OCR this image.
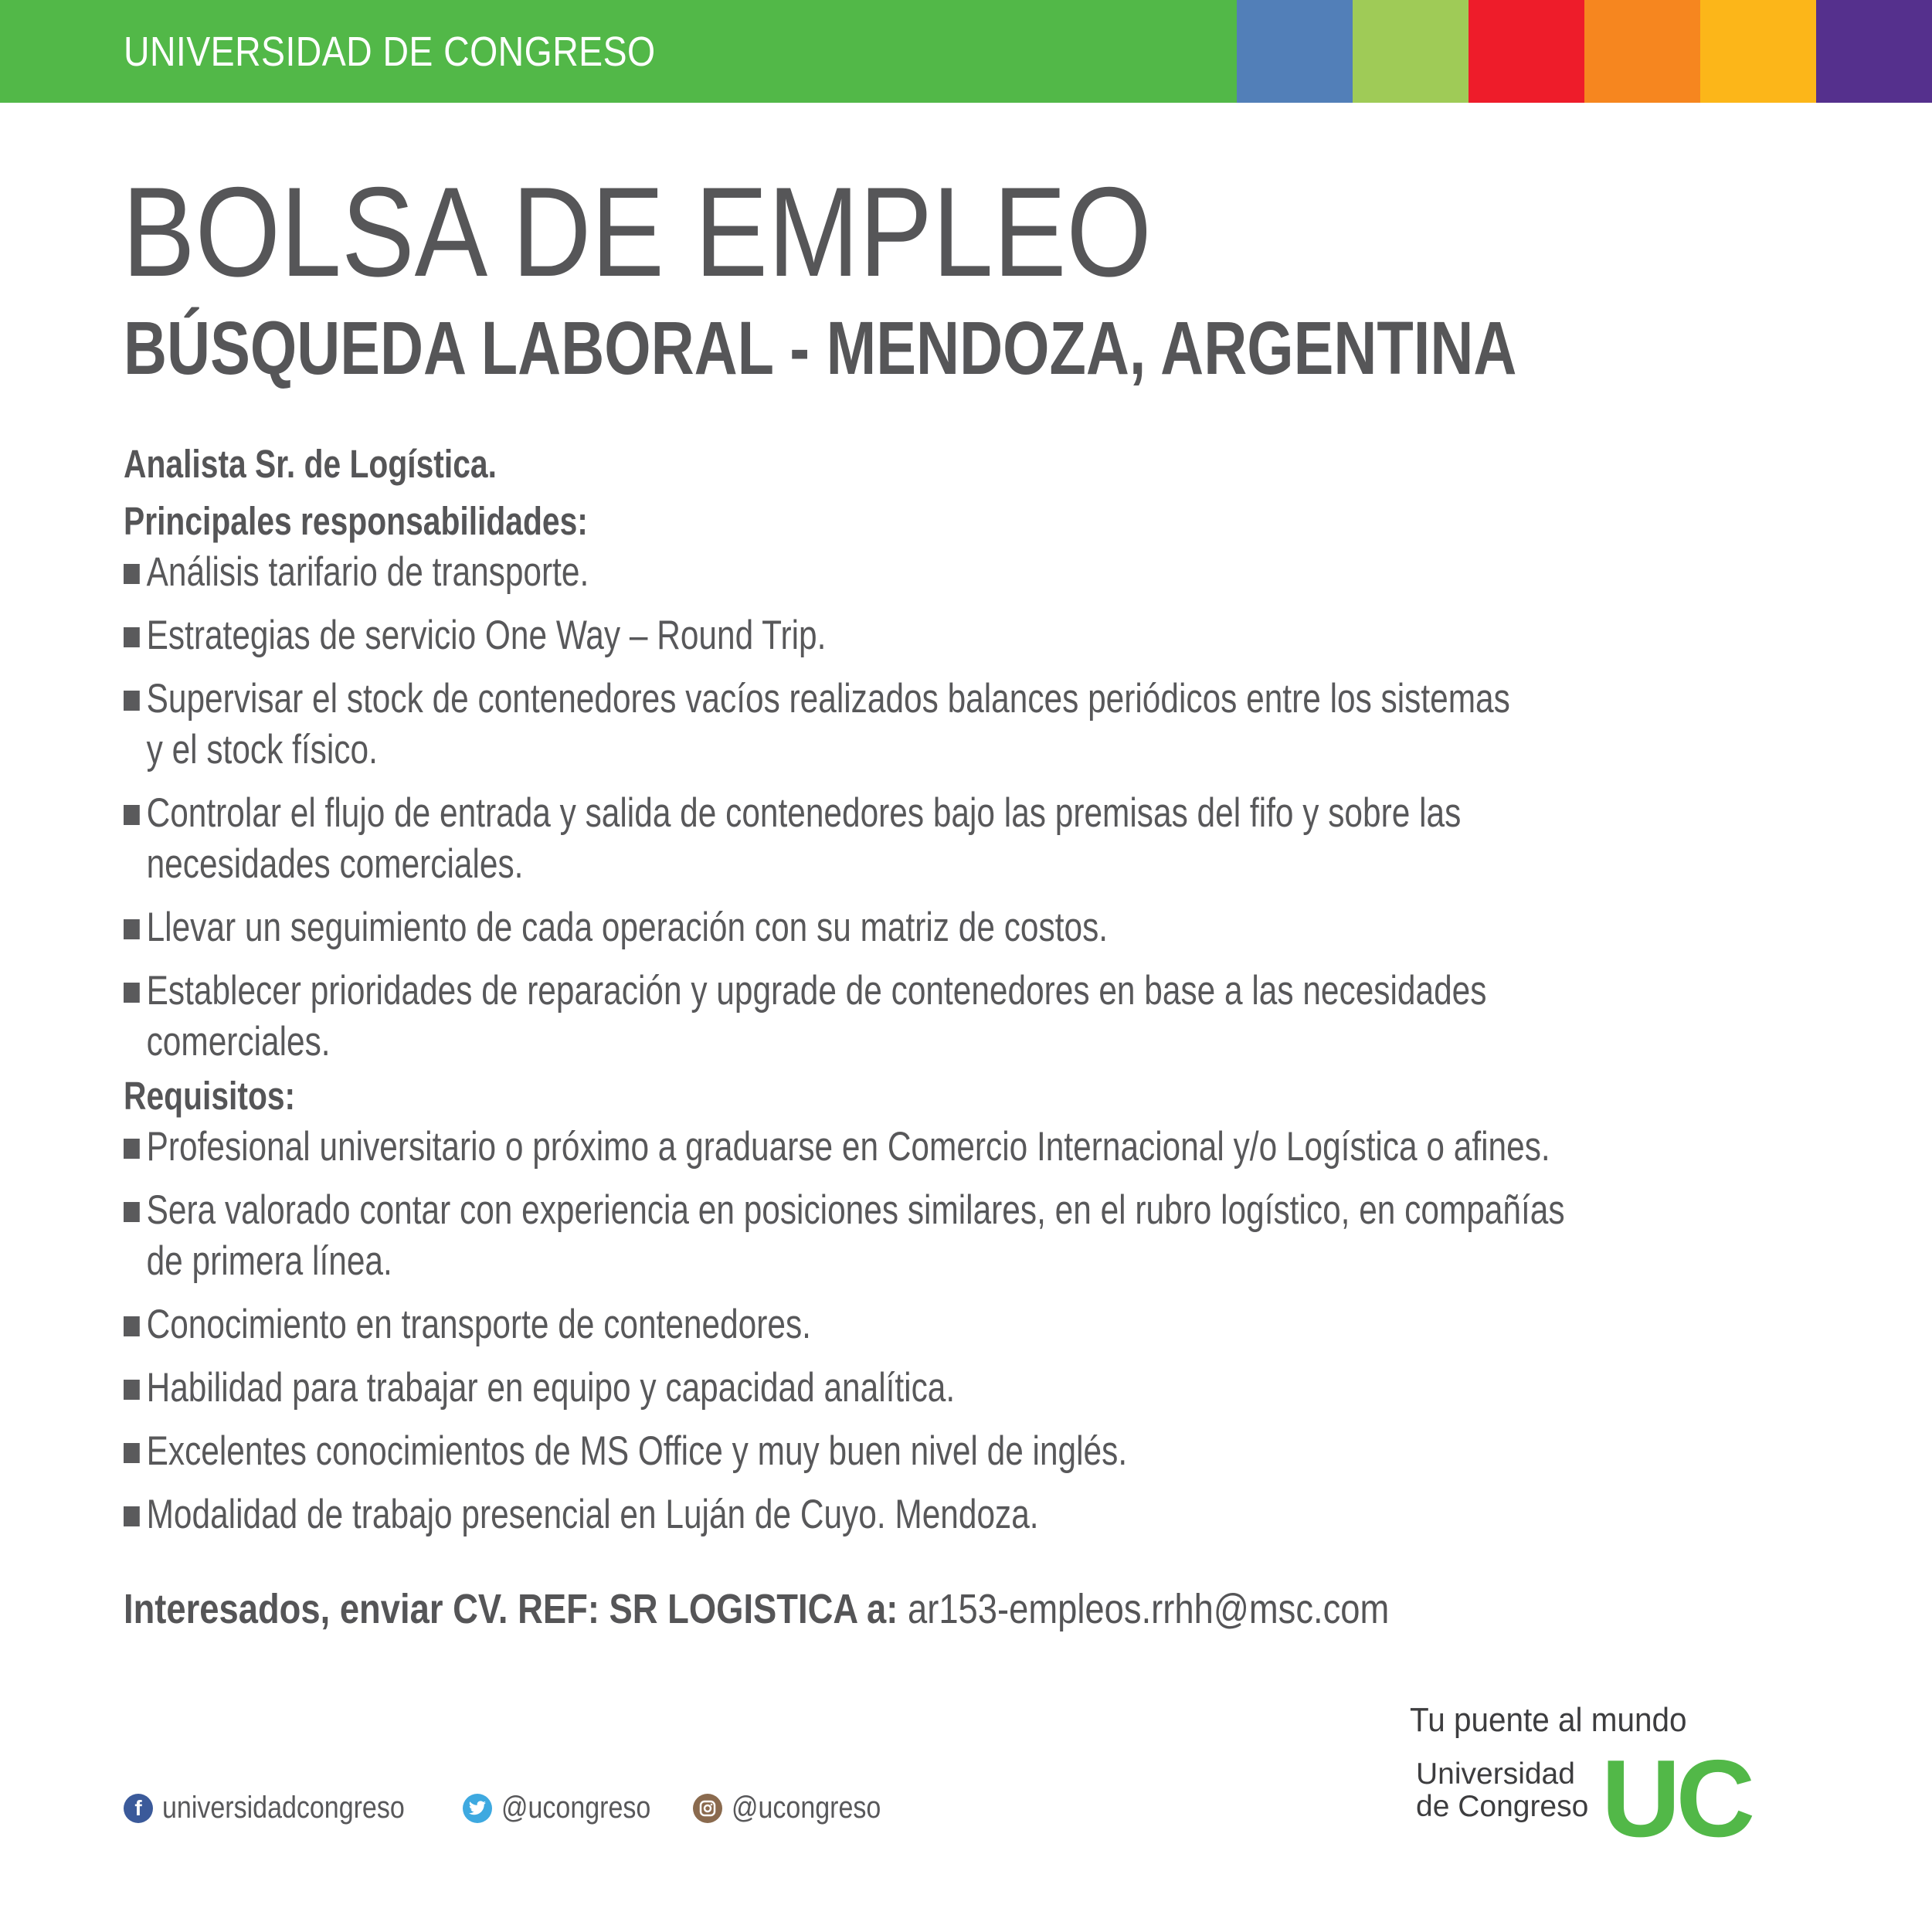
UNIVERSIDAD DE CONGRESO
BOLSA DE EMPLEO
BÚSQUEDA LABORAL - MENDOZA, ARGENTINA
Analista Sr. de Logística.
Principales responsabilidades:
Análisis tarifario de transporte.
Estrategias de servicio One Way – Round Trip.
Supervisar el stock de contenedores vacíos realizados balances periódicos entre los sistemas
y el stock físico.
Controlar el flujo de entrada y salida de contenedores bajo las premisas del fifo y sobre las
necesidades comerciales.
Llevar un seguimiento de cada operación con su matriz de costos.
Establecer prioridades de reparación y upgrade de contenedores en base a las necesidades
comerciales.
Requisitos:
Profesional universitario o próximo a graduarse en Comercio Internacional y/o Logística o afines.
Sera valorado contar con experiencia en posiciones similares, en el rubro logístico, en compañías
de primera línea.
Conocimiento en transporte de contenedores.
Habilidad para trabajar en equipo y capacidad analítica.
Excelentes conocimientos de MS Office y muy buen nivel de inglés.
Modalidad de trabajo presencial en Luján de Cuyo. Mendoza.
Interesados, enviar CV. REF: SR LOGISTICA a: ar153-empleos.rrhh@msc.com
f universidadcongreso	@ucongreso	@ucongreso
Tu puente al mundo
Universidad
de Congreso UC
